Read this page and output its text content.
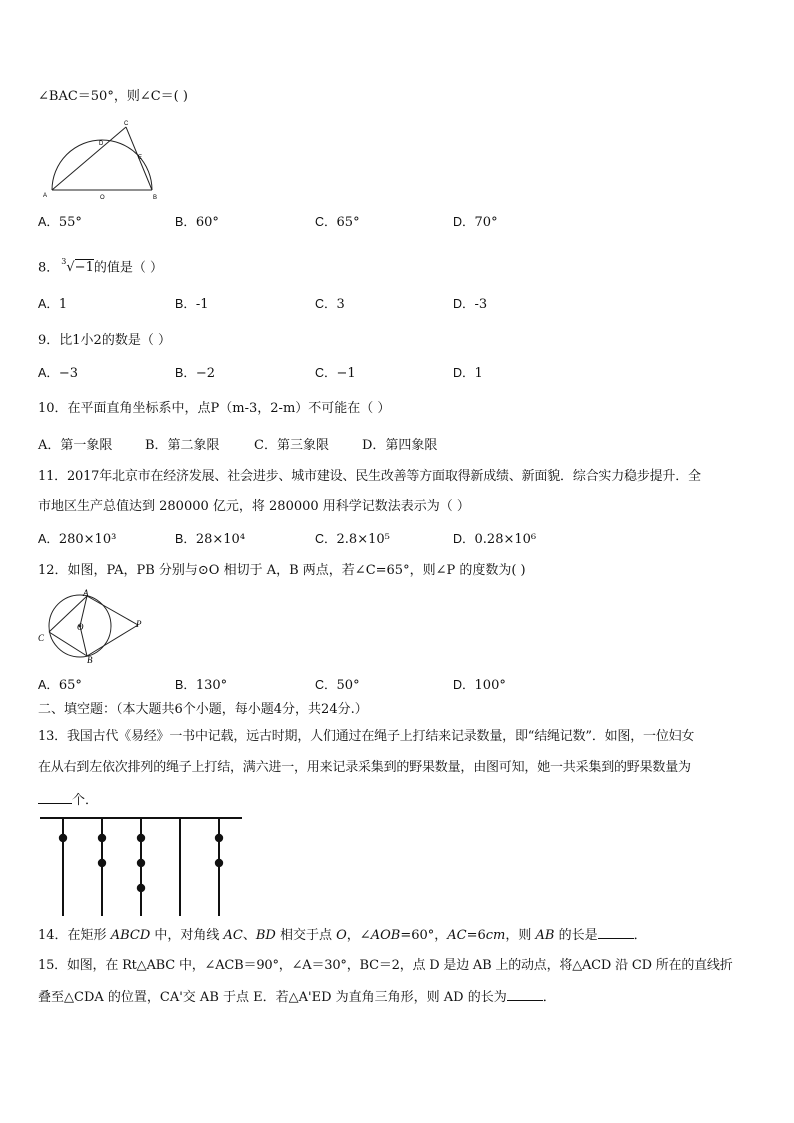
∠BAC＝50°，则∠C＝( )
A	B
C
D
E
O
A．55°	B．60°	C．65°	D．70°
8． $^3$√−1的值是（ ）
A．1	B．-1	C．3	D．-3
9．比1小2的数是（ ）
A．−3	B．−2	C．−1	D．1
10．在平面直角坐标系中，点P（m-3，2-m）不可能在（ ）
A．第一象限	B．第二象限	C．第三象限	D．第四象限
11．2017年北京市在经济发展、社会进步、城市建设、民生改善等方面取得新成绩、新面貌．综合实力稳步提升．全
市地区生产总值达到 280000 亿元，将 280000 用科学记数法表示为（ ）
A．280×10³	B．28×10⁴	C．2.8×10⁵	D．0.28×10⁶
12．如图，PA，PB 分别与⊙O 相切于 A，B 两点，若∠C=65°，则∠P 的度数为( )
A
B
C
O	P
A．65°	B．130°	C．50°	D．100°
二、填空题：（本大题共6个小题，每小题4分，共24分.）
13．我国古代《易经》一书中记载，远古时期，人们通过在绳子上打结来记录数量，即“结绳记数”．如图，一位妇女
在从右到左依次排列的绳子上打结，满六进一，用来记录采集到的野果数量，由图可知，她一共采集到的野果数量为
个．
14．在矩形 ABCD 中，对角线 AC、BD 相交于点 O，∠AOB=60°，AC=6cm，则 AB 的长是	．
15．如图，在 Rt△ABC 中，∠ACB＝90°，∠A＝30°，BC＝2，点 D 是边 AB 上的动点，将△ACD 沿 CD 所在的直线折
叠至△CDA 的位置，CA'交 AB 于点 E．若△A'ED 为直角三角形，则 AD 的长为	．
